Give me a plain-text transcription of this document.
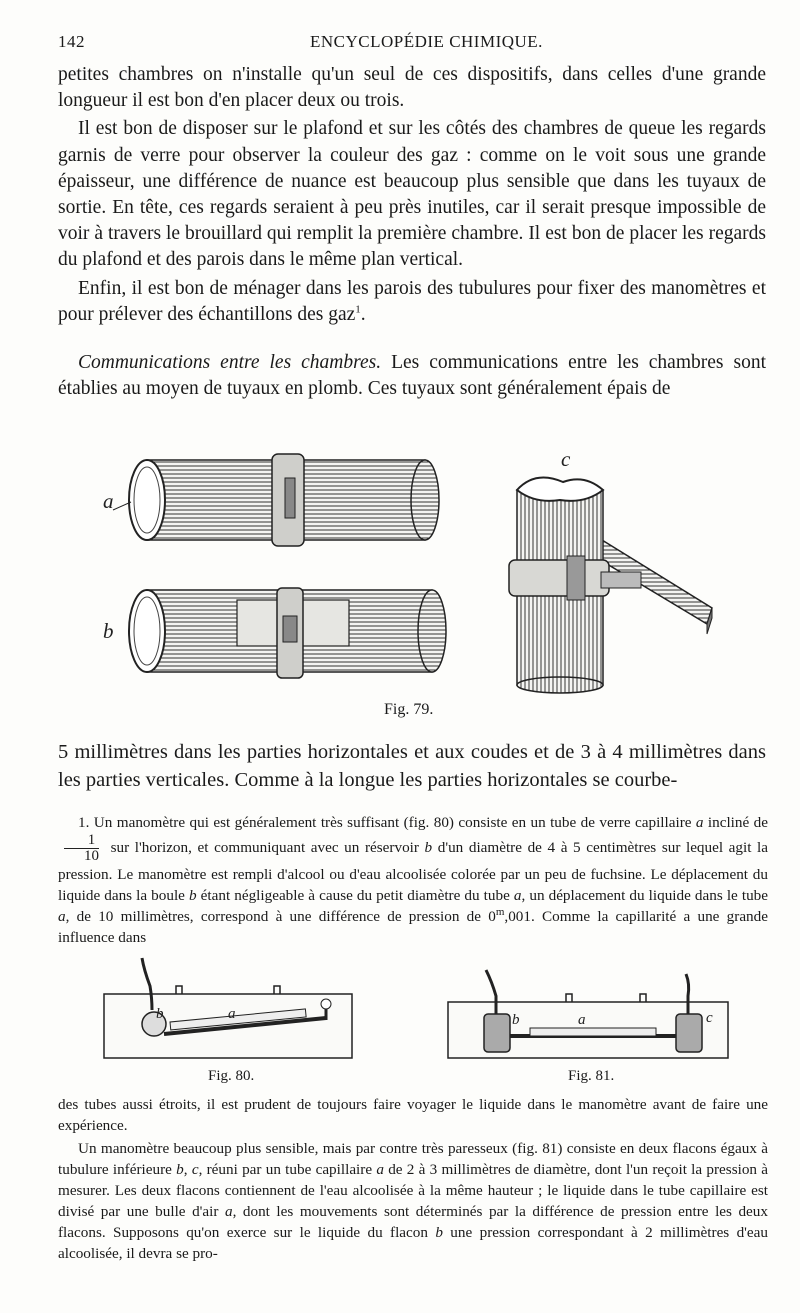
142	ENCYCLOPÉDIE CHIMIQUE.

petites chambres on n'installe qu'un seul de ces dispositifs, dans celles d'une grande longueur il est bon d'en placer deux ou trois.

Il est bon de disposer sur le plafond et sur les côtés des chambres de queue les regards garnis de verre pour observer la couleur des gaz : comme on le voit sous une grande épaisseur, une différence de nuance est beaucoup plus sensible que dans les tuyaux de sortie. En tête, ces regards seraient à peu près inutiles, car il serait presque impossible de voir à travers le brouillard qui remplit la première chambre. Il est bon de placer les regards du plafond et des parois dans le même plan vertical.

Enfin, il est bon de ménager dans les parois des tubulures pour fixer des manomètres et pour prélever des échantillons des gaz$^1$.

Communications entre les chambres. Les communications entre les chambres sont établies au moyen de tuyaux en plomb. Ces tuyaux sont généralement épais de

a
b
c
Fig. 79.

5 millimètres dans les parties horizontales et aux coudes et de 3 à 4 millimètres dans les parties verticales. Comme à la longue les parties horizontales se courbe-

1. Un manomètre qui est généralement très suffisant (fig. 80) consiste en un tube de verre capillaire a incliné de
$\frac{1}{10}$ sur l'horizon, et communiquant avec un réservoir b d'un diamètre de 4 à 5 centimètres sur lequel agit la pression. Le manomètre est rempli d'alcool ou d'eau alcoolisée colorée par un peu de fuchsine. Le déplacement du liquide dans la boule b étant négligeable à cause du petit diamètre du tube a, un déplacement du liquide dans le tube a, de 10 millimètres, correspond à une différence de pression de 0$^m$,001. Comme la capillarité a une grande influence dans

b	a	b	a	c
Fig. 80.	Fig. 81.

des tubes aussi étroits, il est prudent de toujours faire voyager le liquide dans le manomètre avant de faire une expérience.

Un manomètre beaucoup plus sensible, mais par contre très paresseux (fig. 81) consiste en deux flacons égaux à tubulure inférieure b, c, réuni par un tube capillaire a de 2 à 3 millimètres de diamètre, dont l'un reçoit la pression à mesurer. Les deux flacons contiennent de l'eau alcoolisée à la même hauteur ; le liquide dans le tube capillaire est divisé par une bulle d'air a, dont les mouvements sont déterminés par la différence de pression entre les deux flacons. Supposons qu'on exerce sur le liquide du flacon b une pression correspondant à 2 millimètres d'eau alcoolisée, il devra se pro-
